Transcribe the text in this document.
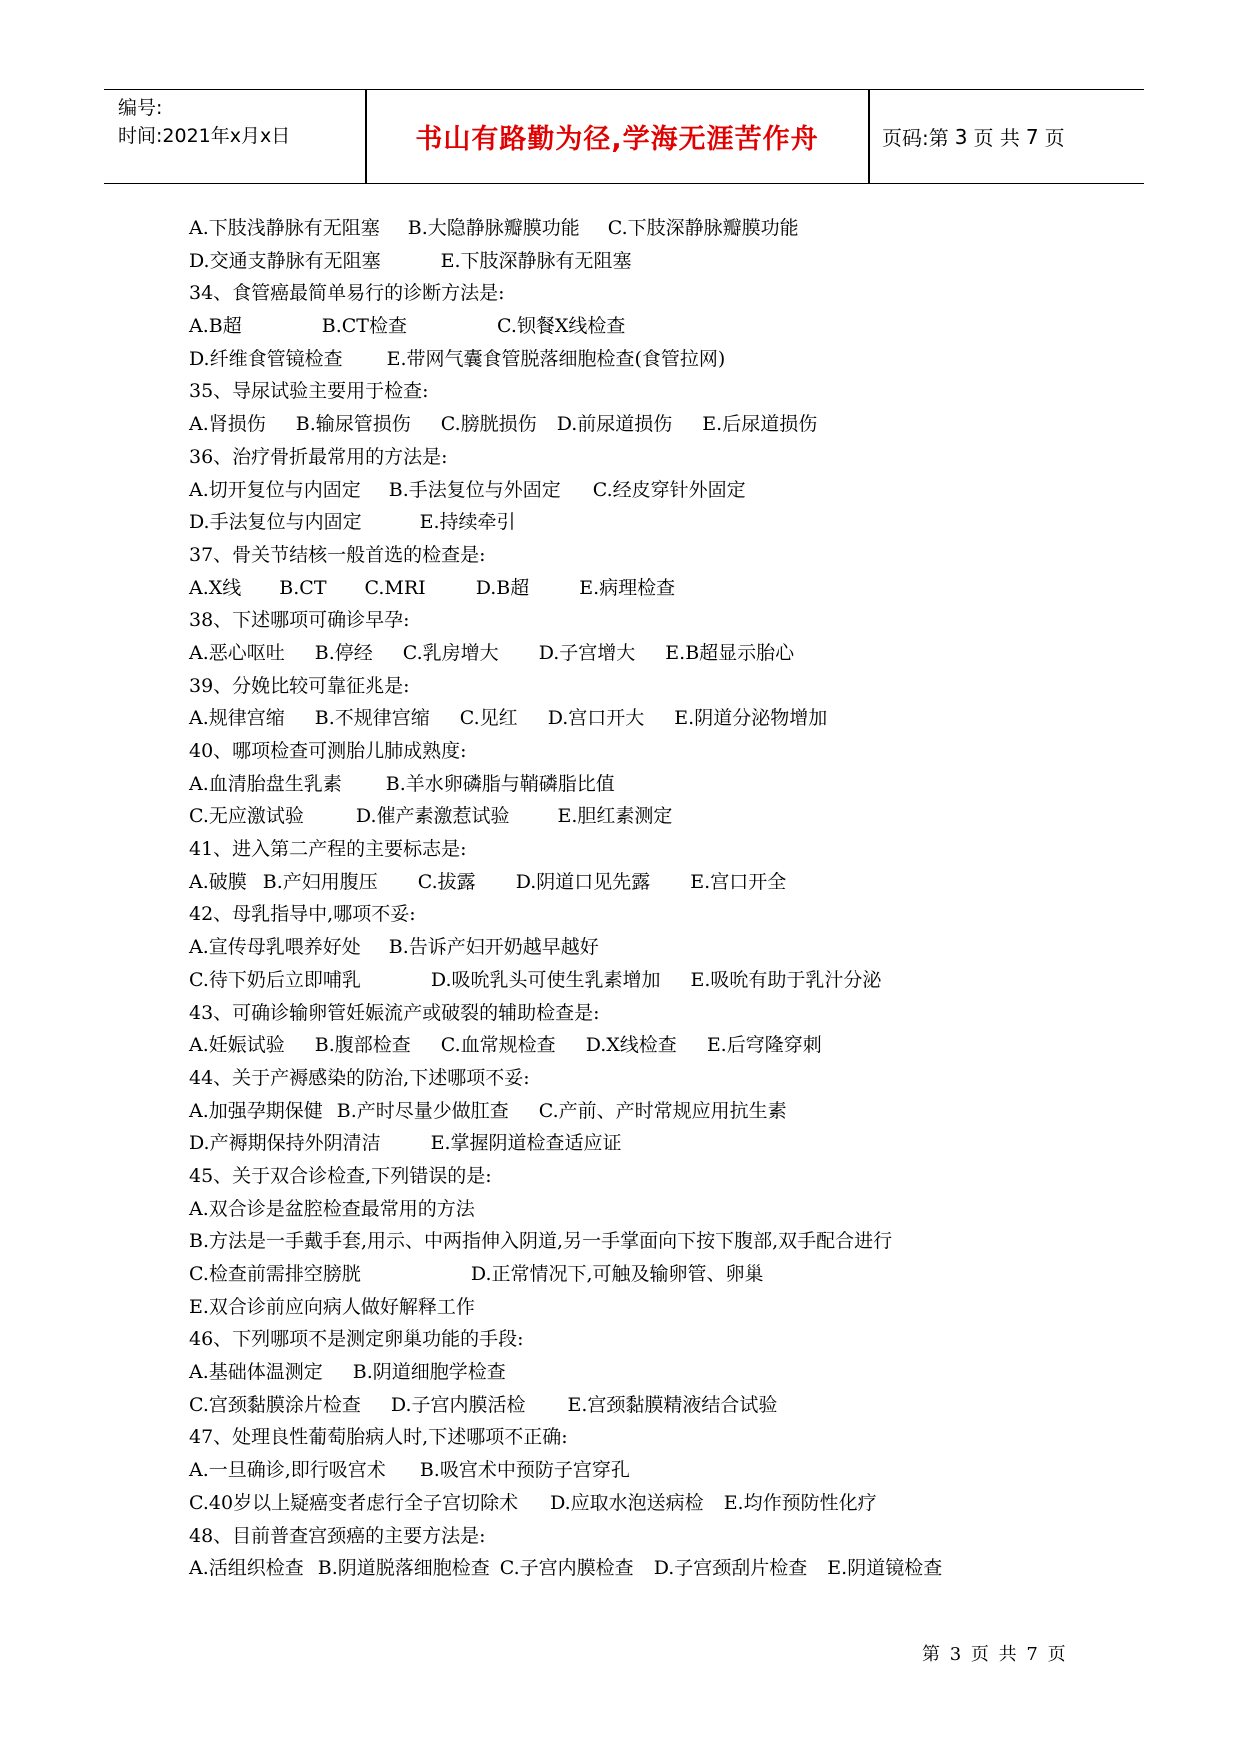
编号:
时间:2021年x月x日	书山有路勤为径,学海无涯苦作舟	页码:第 3 页 共 7 页
A.下肢浅静脉有无阻塞 B.大隐静脉瓣膜功能 C.下肢深静脉瓣膜功能
D.交通支静脉有无阻塞	E.下肢深静脉有无阻塞
34、食管癌最简单易行的诊断方法是:
A.B超	B.CT检查	C.钡餐X线检查
D.纤维食管镜检查 E.带网气囊食管脱落细胞检查(食管拉网)
35、导尿试验主要用于检查:
A.肾损伤 B.输尿管损伤 C.膀胱损伤 D.前尿道损伤 E.后尿道损伤
36、治疗骨折最常用的方法是:
A.切开复位与内固定 B.手法复位与外固定 C.经皮穿针外固定
D.手法复位与内固定	E.持续牵引
37、骨关节结核一般首选的检查是:
A.X线 B.CT C.MRI	D.B超	E.病理检查
38、下述哪项可确诊早孕:
A.恶心呕吐 B.停经 C.乳房增大 D.子宫增大 E.B超显示胎心
39、分娩比较可靠征兆是:
A.规律宫缩 B.不规律宫缩 C.见红 D.宫口开大 E.阴道分泌物增加
40、哪项检查可测胎儿肺成熟度:
A.血清胎盘生乳素 B.羊水卵磷脂与鞘磷脂比值
C.无应激试验	D.催产素激惹试验	E.胆红素测定
41、进入第二产程的主要标志是:
A.破膜 B.产妇用腹压 C.拔露 D.阴道口见先露 E.宫口开全
42、母乳指导中,哪项不妥:
A.宣传母乳喂养好处 B.告诉产妇开奶越早越好
C.待下奶后立即哺乳	D.吸吮乳头可使生乳素增加 E.吸吮有助于乳汁分泌
43、可确诊输卵管妊娠流产或破裂的辅助检查是:
A.妊娠试验 B.腹部检查 C.血常规检查 D.X线检查 E.后穹隆穿刺
44、关于产褥感染的防治,下述哪项不妥:
A.加强孕期保健 B.产时尽量少做肛查 C.产前、产时常规应用抗生素
D.产褥期保持外阴清洁	E.掌握阴道检查适应证
45、关于双合诊检查,下列错误的是:
A.双合诊是盆腔检查最常用的方法
B.方法是一手戴手套,用示、中两指伸入阴道,另一手掌面向下按下腹部,双手配合进行
C.检查前需排空膀胱	D.正常情况下,可触及输卵管、卵巢
E.双合诊前应向病人做好解释工作
46、下列哪项不是测定卵巢功能的手段:
A.基础体温测定 B.阴道细胞学检查
C.宫颈黏膜涂片检查 D.子宫内膜活检 E.宫颈黏膜精液结合试验
47、处理良性葡萄胎病人时,下述哪项不正确:
A.一旦确诊,即行吸宫术 B.吸宫术中预防子宫穿孔
C.40岁以上疑癌变者虑行全子宫切除术 D.应取水泡送病检 E.均作预防性化疗
48、目前普查宫颈癌的主要方法是:
A.活组织检查 B.阴道脱落细胞检查 C.子宫内膜检查 D.子宫颈刮片检查 E.阴道镜检查
第 3 页 共 7 页
